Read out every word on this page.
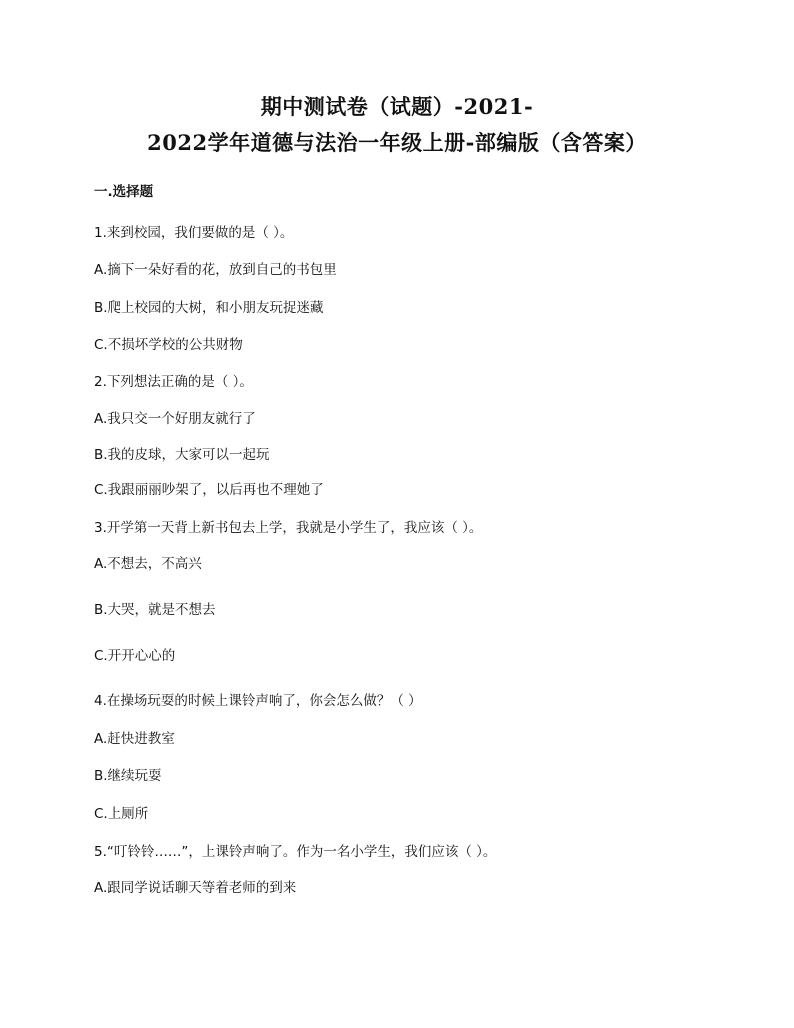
期中测试卷（试题）-2021-
2022学年道德与法治一年级上册-部编版（含答案）
一.选择题
1.来到校园，我们要做的是（ ）。
A.摘下一朵好看的花，放到自己的书包里
B.爬上校园的大树，和小朋友玩捉迷藏
C.不损坏学校的公共财物
2.下列想法正确的是（ ）。
A.我只交一个好朋友就行了
B.我的皮球，大家可以一起玩
C.我跟丽丽吵架了，以后再也不理她了
3.开学第一天背上新书包去上学，我就是小学生了，我应该（ ）。
A.不想去，不高兴
B.大哭，就是不想去
C.开开心心的
4.在操场玩耍的时候上课铃声响了，你会怎么做？（ ）
A.赶快进教室
B.继续玩耍
C.上厕所
5.“叮铃铃……”，上课铃声响了。作为一名小学生，我们应该（ ）。
A.跟同学说话聊天等着老师的到来
